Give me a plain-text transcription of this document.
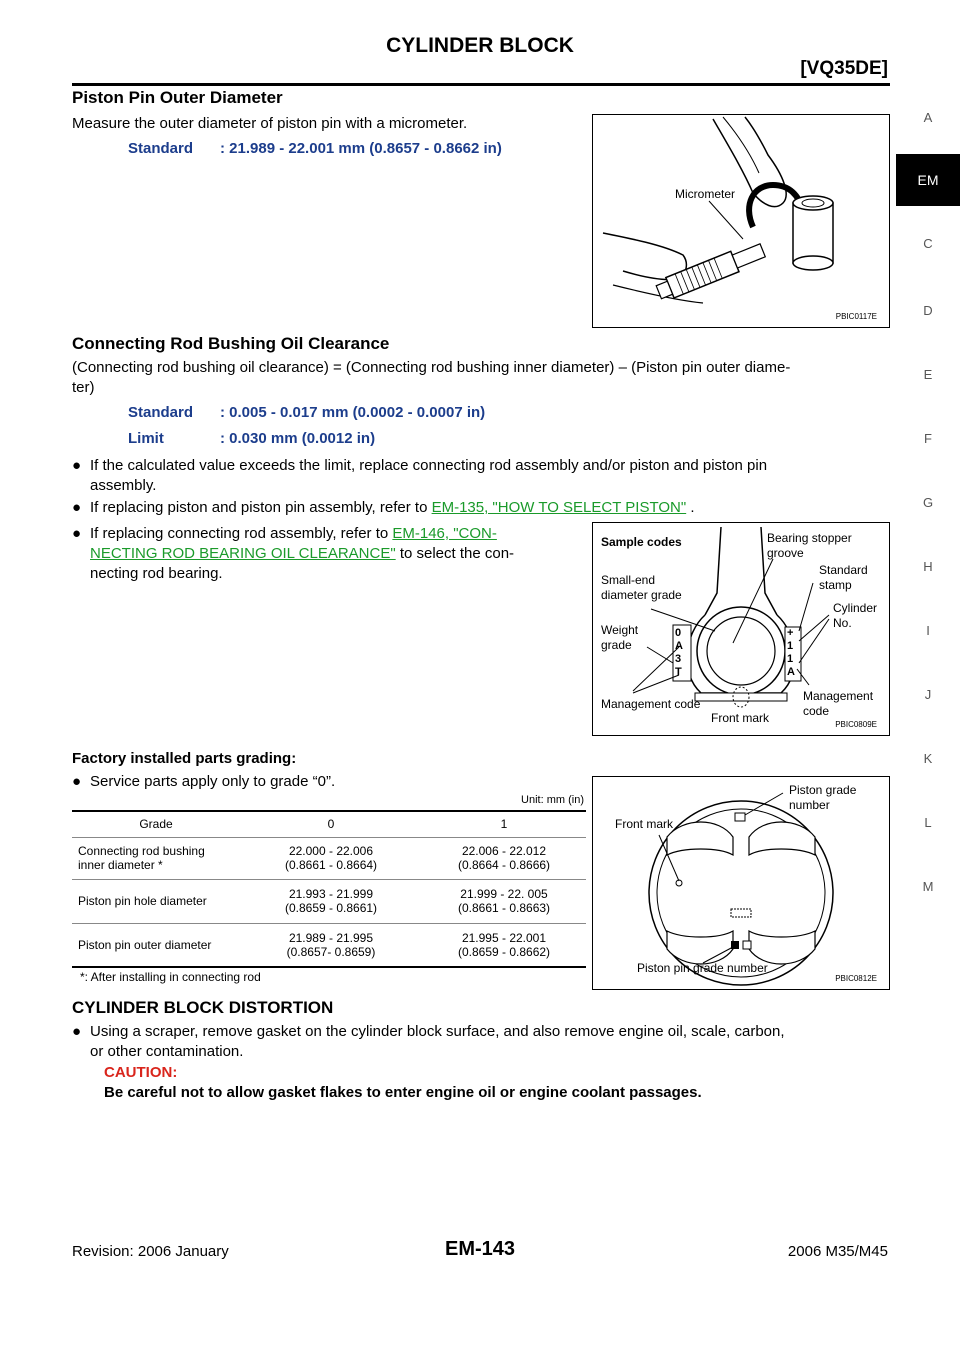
CYLINDER BLOCK
[VQ35DE]
A
EM
C
D
E
F
G
H
I
J
K
L
M
Piston Pin Outer Diameter
Measure the outer diameter of piston pin with a micrometer.
Standard : 21.989 - 22.001 mm (0.8657 - 0.8662 in)
Micrometer
PBIC0117E
Connecting Rod Bushing Oil Clearance
(Connecting rod bushing oil clearance) = (Connecting rod bushing inner diameter) – (Piston pin outer diame-
ter)
Standard : 0.005 - 0.017 mm (0.0002 - 0.0007 in)
Limit	: 0.030 mm (0.0012 in)
● If the calculated value exceeds the limit, replace connecting rod assembly and/or piston and piston pin
assembly.
● If replacing piston and piston pin assembly, refer to EM-135, "HOW TO SELECT PISTON" .
● If replacing connecting rod assembly, refer to EM-146, "CON-
NECTING ROD BEARING OIL CLEARANCE" to select the con-
necting rod bearing.
Sample codes	Bearing stopper
groove
Small-end
diameter grade
Standard
stamp
Cylinder
No.
Weight
grade
0 A 3 T
+ 1 1 A
Management code
Management
code
Front mark	PBIC0809E
Factory installed parts grading:
● Service parts apply only to grade “0”.
Unit: mm (in)
Grade	0	1
Connecting rod bushing
inner diameter *	22.000 - 22.006
(0.8661 - 0.8664)	22.006 - 22.012
(0.8664 - 0.8666)
Piston pin hole diameter	21.993 - 21.999
(0.8659 - 0.8661)	21.999 - 22. 005
(0.8661 - 0.8663)
Piston pin outer diameter	21.989 - 21.995
(0.8657- 0.8659)	21.995 - 22.001
(0.8659 - 0.8662)
*: After installing in connecting rod
Piston grade
number
Front mark
Piston pin grade number
PBIC0812E
CYLINDER BLOCK DISTORTION
● Using a scraper, remove gasket on the cylinder block surface, and also remove engine oil, scale, carbon,
or other contamination.
CAUTION:
Be careful not to allow gasket flakes to enter engine oil or engine coolant passages.
Revision: 2006 January	EM-143	2006 M35/M45
